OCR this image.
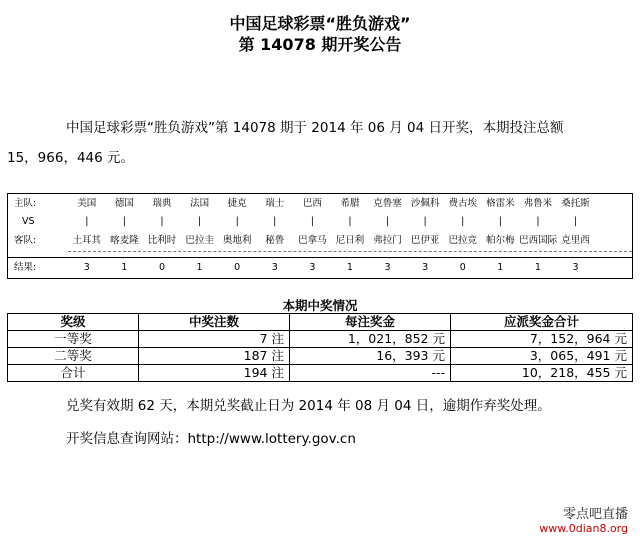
中国足球彩票“胜负游戏”
第 14078 期开奖公告
中国足球彩票“胜负游戏”第 14078 期于 2014 年 06 月 04 日开奖，本期投注总额
15，966，446 元。
主队:	美国	德国	瑞典	法国	捷克	瑞士	巴西	希腊	克鲁塞 沙佩科 费古埃 格雷米 弗鲁米 桑托斯
VS	|	|	|	|	|	|	|	|	|	|	|	|	|	|
客队:	土耳其 喀麦隆 比利时 巴拉圭 奥地利	秘鲁	巴拿马 尼日利 弗拉门 巴伊亚 巴拉竞 帕尔梅 巴西国际 克里西
结果:	3	1	0	1	0	3	3	1	3	3	0	1	1	3
本期中奖情况
奖级	中奖注数	每注奖金	应派奖金合计
一等奖	7 注	1，021，852 元	7，152，964 元
二等奖	187 注	16，393 元	3，065，491 元
合计	194 注	---	10，218，455 元
兑奖有效期 62 天，本期兑奖截止日为 2014 年 08 月 04 日，逾期作弃奖处理。
开奖信息查询网站：http://www.lottery.gov.cn
零点吧直播
www.0dian8.org
